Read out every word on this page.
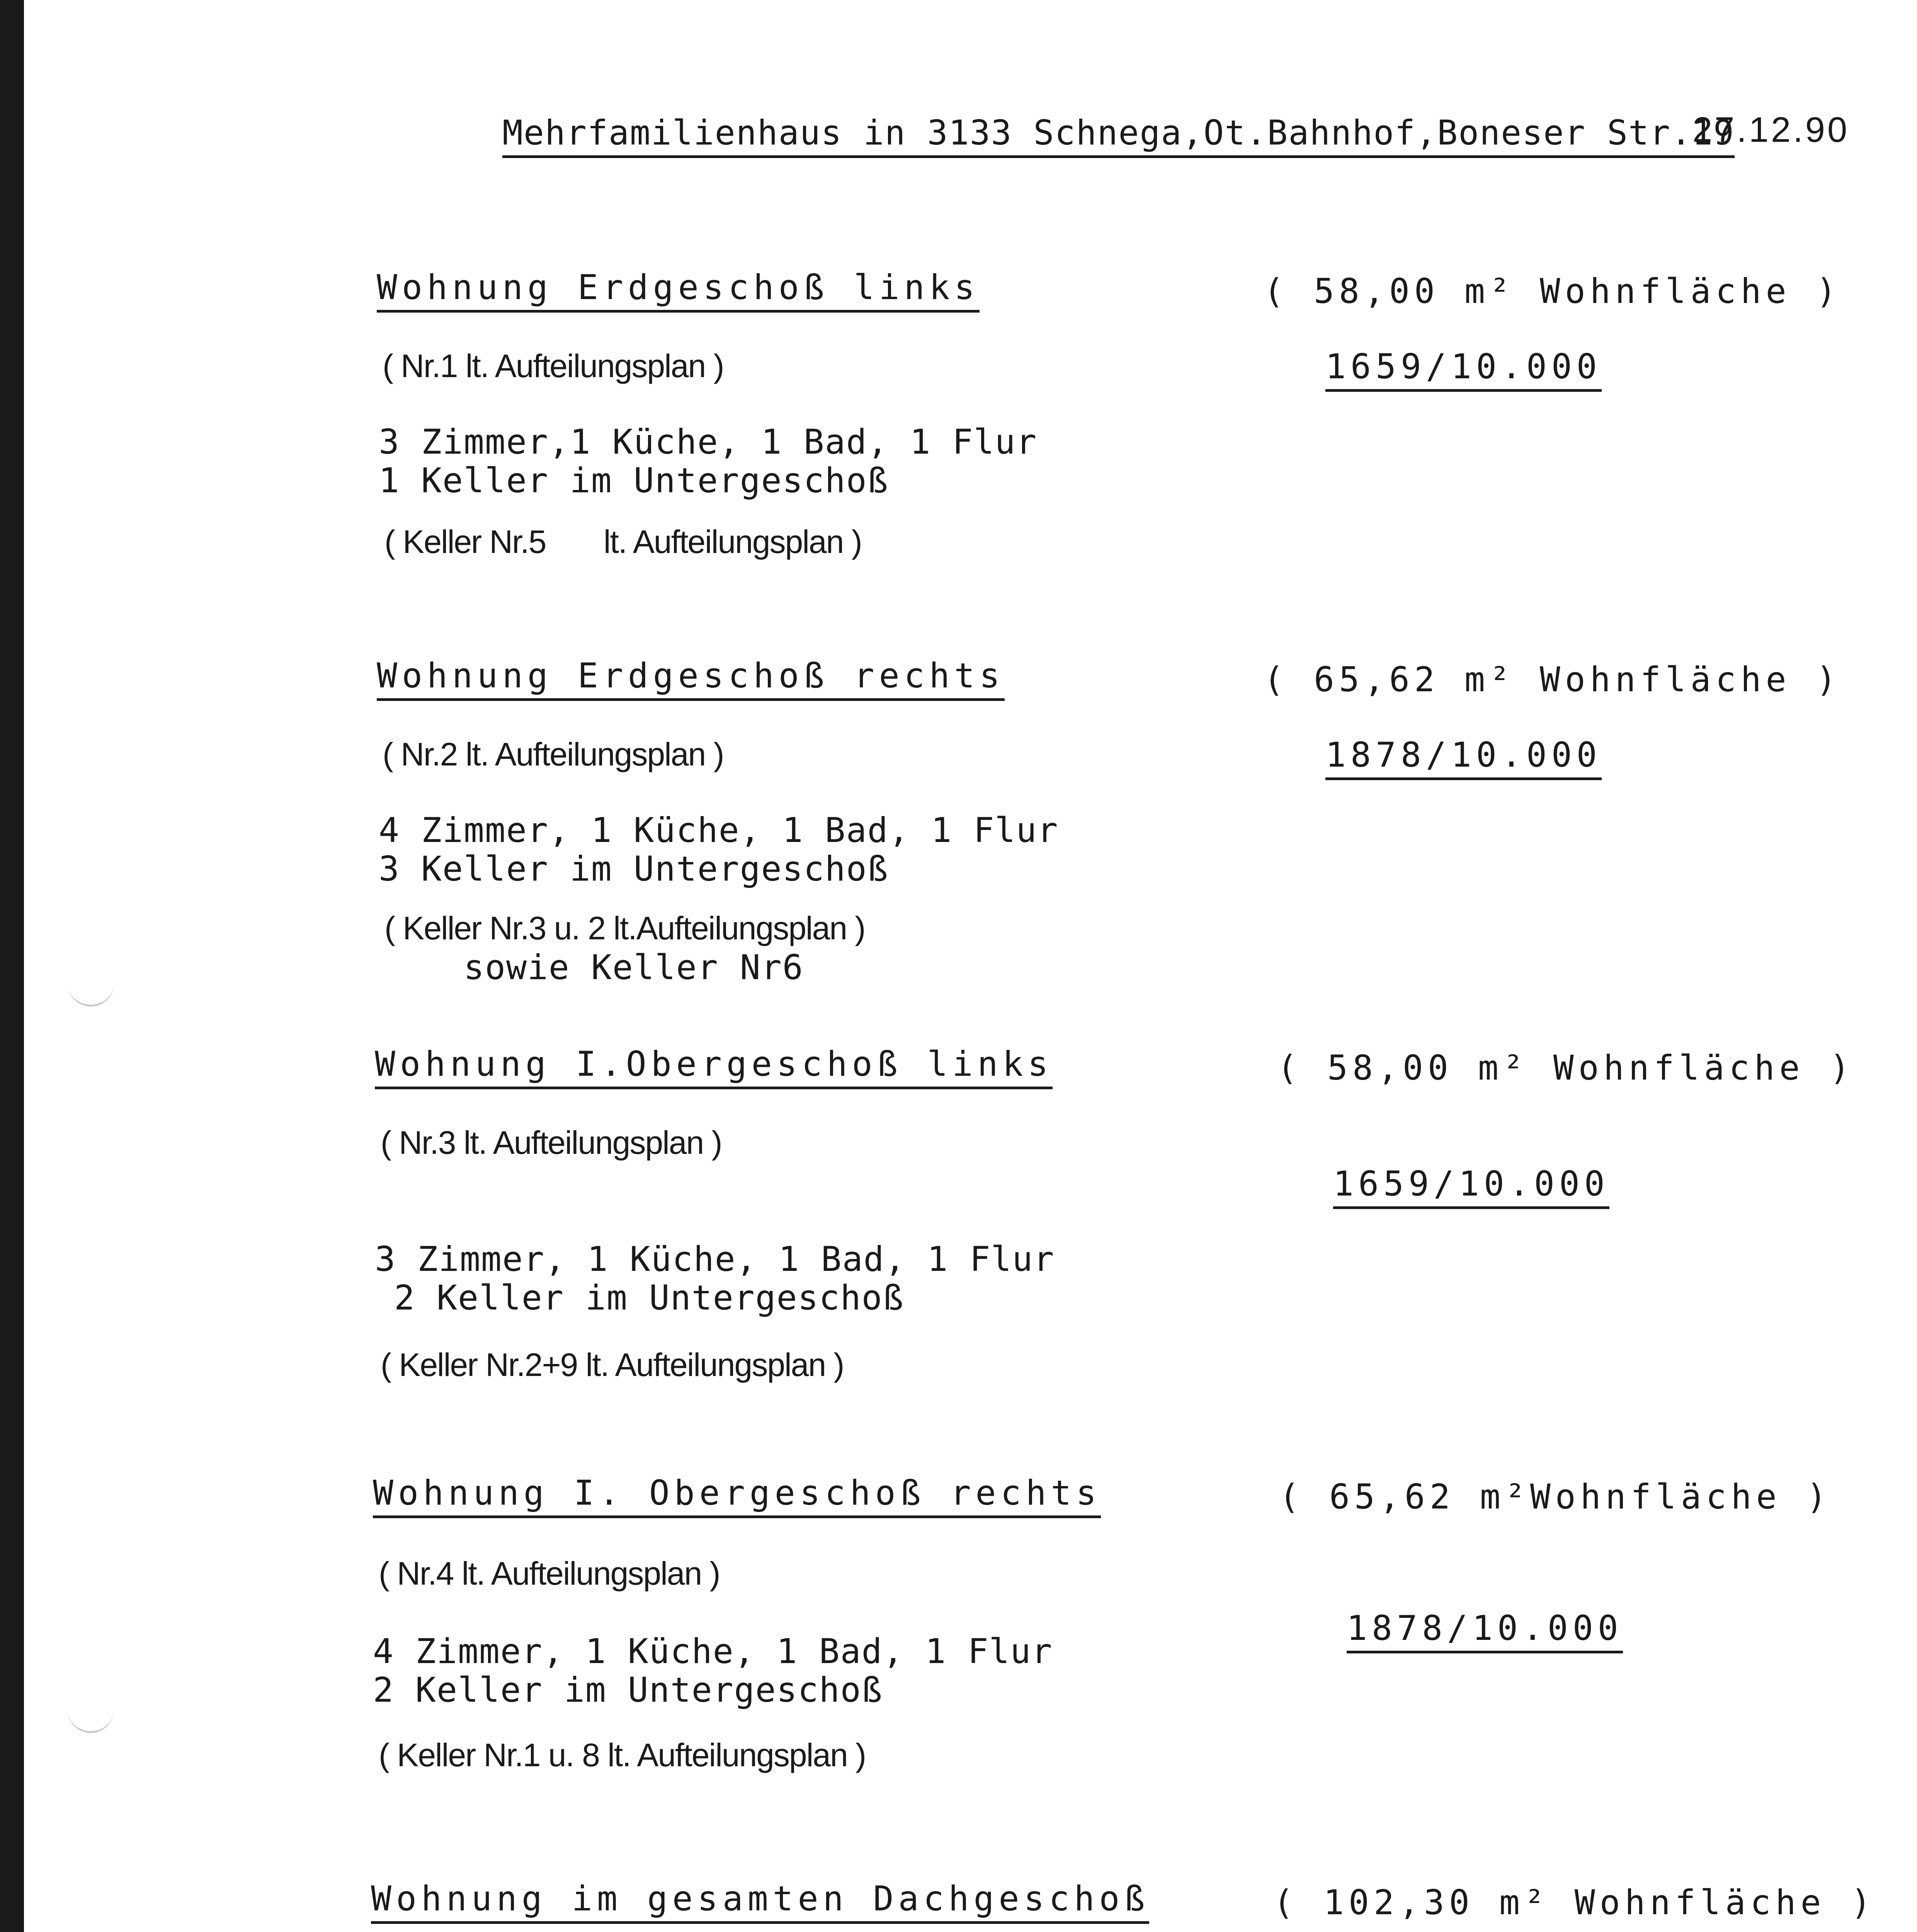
Mehrfamilienhaus in 3133 Schnega,Ot.Bahnhof,Boneser Str.19
27.12.90
Wohnung Erdgeschoß links	( 58,00 m² Wohnfläche )
( Nr.1 lt. Aufteilungsplan )	1659/10.000
3 Zimmer,1 Küche, 1 Bad, 1 Flur
1 Keller im Untergeschoß
( Keller Nr.5       lt. Aufteilungsplan )
Wohnung Erdgeschoß rechts	( 65,62 m² Wohnfläche )
( Nr.2 lt. Aufteilungsplan )	1878/10.000
4 Zimmer, 1 Küche, 1 Bad, 1 Flur
3 Keller im Untergeschoß
( Keller Nr.3 u. 2 lt.Aufteilungsplan )
sowie Keller Nr6
Wohnung I.Obergeschoß links	( 58,00 m² Wohnfläche )
( Nr.3 lt. Aufteilungsplan )
1659/10.000
3 Zimmer, 1 Küche, 1 Bad, 1 Flur
2 Keller im Untergeschoß
( Keller Nr.2+9 lt. Aufteilungsplan )
Wohnung I. Obergeschoß rechts	( 65,62 m²Wohnfläche )
( Nr.4 lt. Aufteilungsplan )
1878/10.000
4 Zimmer, 1 Küche, 1 Bad, 1 Flur
2 Keller im Untergeschoß
( Keller Nr.1 u. 8 lt. Aufteilungsplan )
Wohnung im gesamten Dachgeschoß	( 102,30 m² Wohnfläche )
